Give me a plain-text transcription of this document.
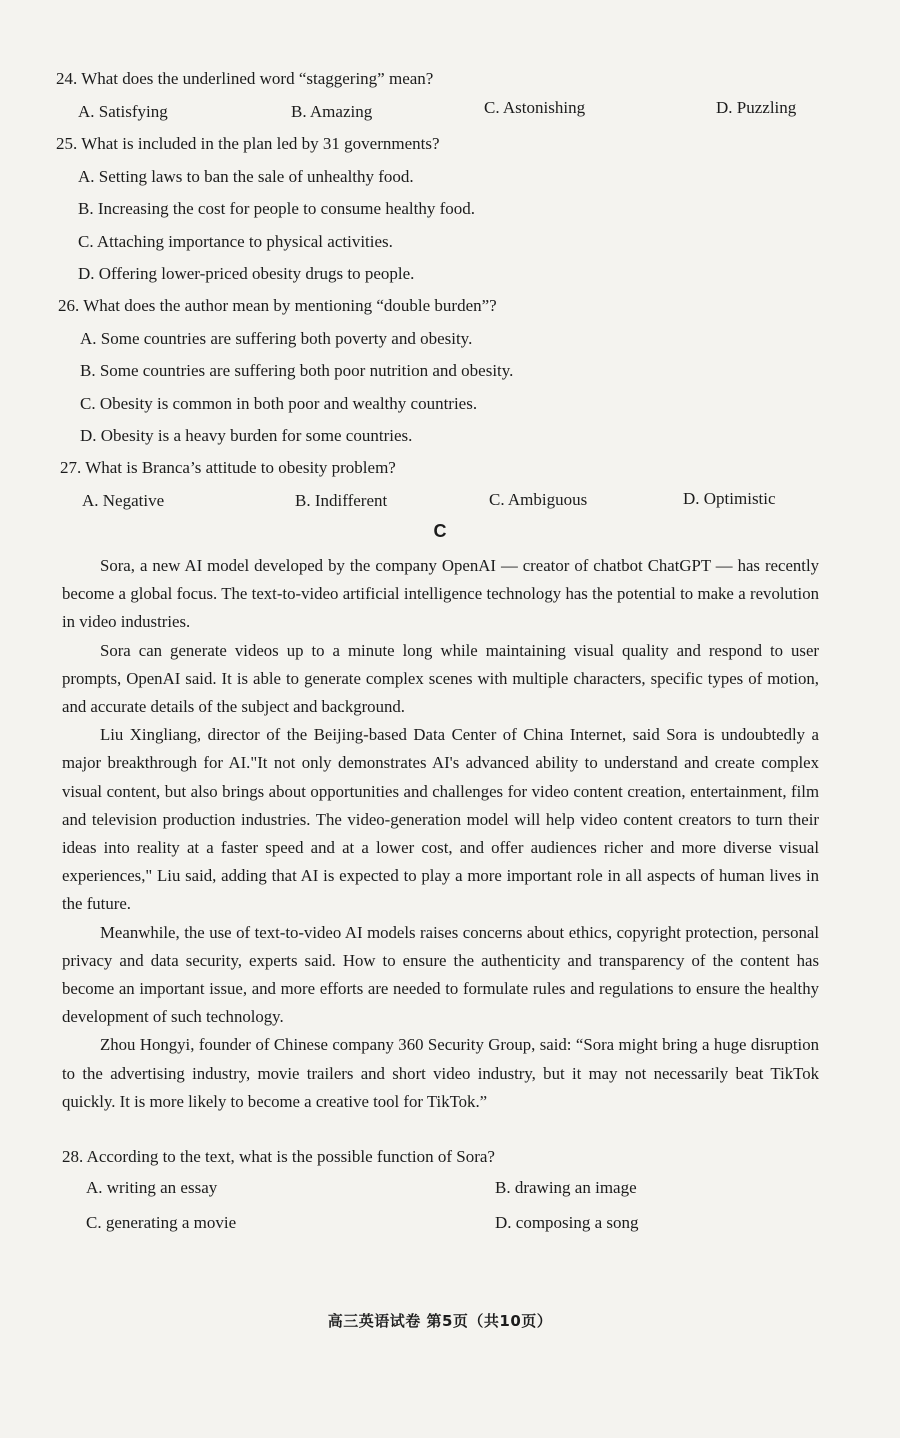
24. What does the underlined word “staggering” mean?
A. Satisfying	B. Amazing	C. Astonishing	D. Puzzling
25. What is included in the plan led by 31 governments?
A. Setting laws to ban the sale of unhealthy food.
B. Increasing the cost for people to consume healthy food.
C. Attaching importance to physical activities.
D. Offering lower-priced obesity drugs to people.
26. What does the author mean by mentioning “double burden”?
A. Some countries are suffering both poverty and obesity.
B. Some countries are suffering both poor nutrition and obesity.
C. Obesity is common in both poor and wealthy countries.
D. Obesity is a heavy burden for some countries.
27. What is Branca’s attitude to obesity problem?
A. Negative	B. Indifferent	C. Ambiguous	D. Optimistic
C

Sora, a new AI model developed by the company OpenAI — creator of chatbot ChatGPT — has recently become a global focus. The text-to-video artificial intelligence technology has the potential to make a revolution in video industries.

Sora can generate videos up to a minute long while maintaining visual quality and respond to user prompts, OpenAI said. It is able to generate complex scenes with multiple characters, specific types of motion, and accurate details of the subject and background.

Liu Xingliang, director of the Beijing-based Data Center of China Internet, said Sora is undoubtedly a major breakthrough for AI."It not only demonstrates AI's advanced ability to understand and create complex visual content, but also brings about opportunities and challenges for video content creation, entertainment, film and television production industries. The video-generation model will help video content creators to turn their ideas into reality at a faster speed and at a lower cost, and offer audiences richer and more diverse visual experiences," Liu said, adding that AI is expected to play a more important role in all aspects of human lives in the future.

Meanwhile, the use of text-to-video AI models raises concerns about ethics, copyright protection, personal privacy and data security, experts said. How to ensure the authenticity and transparency of the content has become an important issue, and more efforts are needed to formulate rules and regulations to ensure the healthy development of such technology.

Zhou Hongyi, founder of Chinese company 360 Security Group, said: “Sora might bring a huge disruption to the advertising industry, movie trailers and short video industry, but it may not necessarily beat TikTok quickly. It is more likely to become a creative tool for TikTok.”

28. According to the text, what is the possible function of Sora?
A. writing an essay	B. drawing an image
C. generating a movie	D. composing a song
高三英语试卷 第5页（共10页）
